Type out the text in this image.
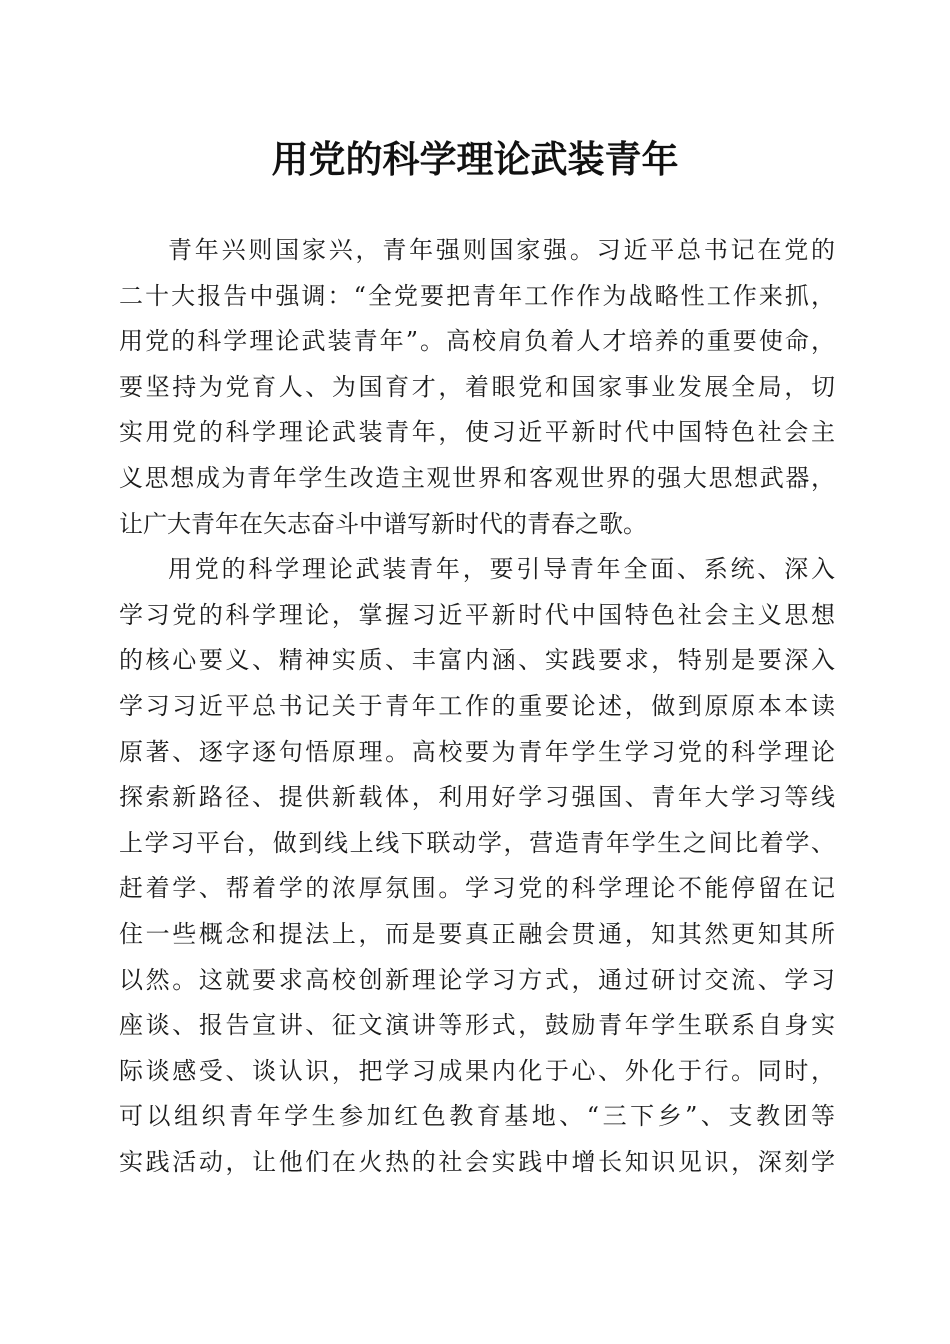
用党的科学理论武装青年
青年兴则国家兴，青年强则国家强。习近平总书记在党的
二十大报告中强调：“全党要把青年工作作为战略性工作来抓，
用党的科学理论武装青年”。高校肩负着人才培养的重要使命，
要坚持为党育人、为国育才，着眼党和国家事业发展全局，切
实用党的科学理论武装青年，使习近平新时代中国特色社会主
义思想成为青年学生改造主观世界和客观世界的强大思想武器，
让广大青年在矢志奋斗中谱写新时代的青春之歌。
用党的科学理论武装青年，要引导青年全面、系统、深入
学习党的科学理论，掌握习近平新时代中国特色社会主义思想
的核心要义、精神实质、丰富内涵、实践要求，特别是要深入
学习习近平总书记关于青年工作的重要论述，做到原原本本读
原著、逐字逐句悟原理。高校要为青年学生学习党的科学理论
探索新路径、提供新载体，利用好学习强国、青年大学习等线
上学习平台，做到线上线下联动学，营造青年学生之间比着学、
赶着学、帮着学的浓厚氛围。学习党的科学理论不能停留在记
住一些概念和提法上，而是要真正融会贯通，知其然更知其所
以然。这就要求高校创新理论学习方式，通过研讨交流、学习
座谈、报告宣讲、征文演讲等形式，鼓励青年学生联系自身实
际谈感受、谈认识，把学习成果内化于心、外化于行。同时，
可以组织青年学生参加红色教育基地、“三下乡”、支教团等
实践活动，让他们在火热的社会实践中增长知识见识，深刻学
